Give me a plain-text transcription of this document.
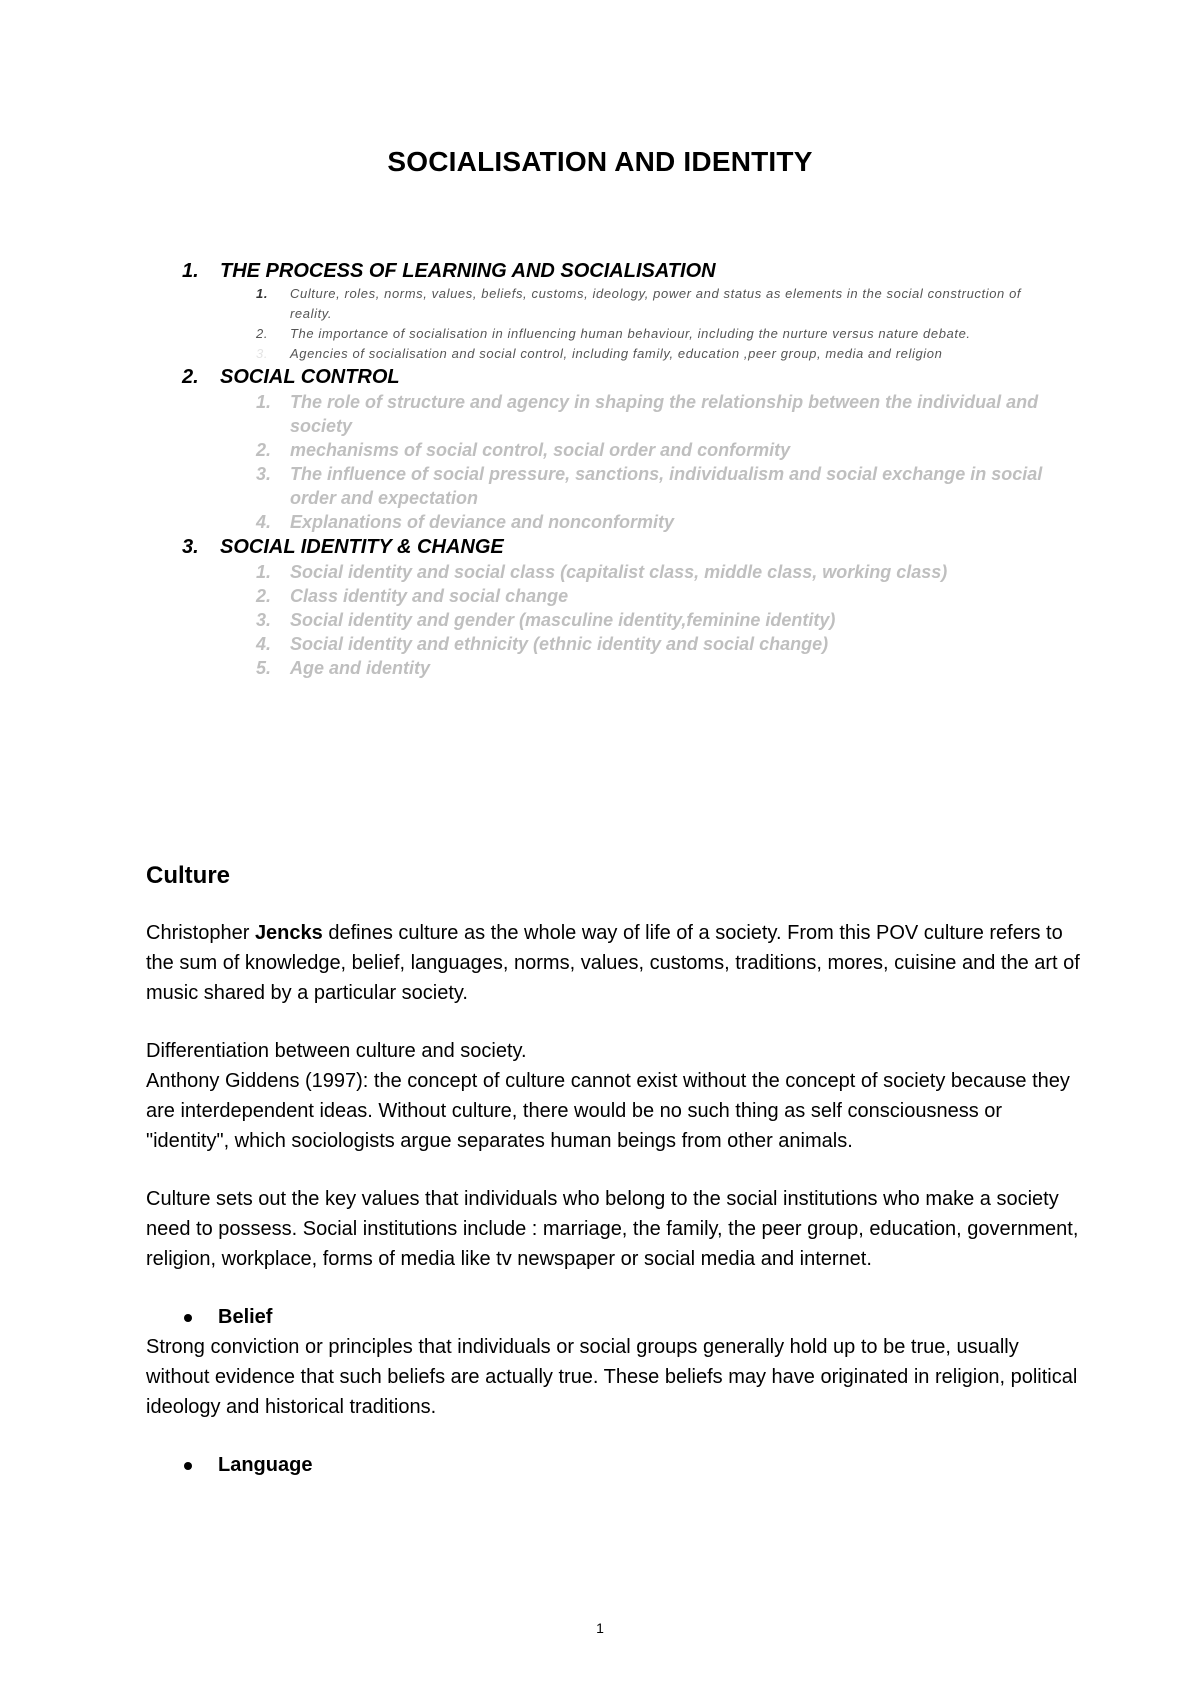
SOCIALISATION AND IDENTITY
1.	THE PROCESS OF LEARNING AND SOCIALISATION
1.	Culture, roles, norms, values, beliefs, customs, ideology, power and status as elements in the social construction of reality.
2.	The importance of socialisation in influencing human behaviour, including the nurture versus nature debate.
3.	Agencies of socialisation and social control, including family, education ,peer group, media and religion
2.	SOCIAL CONTROL
1.	The role of structure and agency in shaping the relationship between the individual and society
2.	mechanisms of social control, social order and conformity
3.	The influence of social pressure, sanctions, individualism and social exchange in social order and expectation
4.	Explanations of deviance and nonconformity
3.	SOCIAL IDENTITY & CHANGE
1.	Social identity and social class (capitalist class, middle class, working class)
2.	Class identity and social change
3.	Social identity and gender (masculine identity,feminine identity)
4.	Social identity and ethnicity (ethnic identity and social change)
5.	Age and identity
Culture

Christopher Jencks defines culture as the whole way of life of a society. From this POV culture refers to the sum of knowledge, belief, languages, norms, values, customs, traditions, mores, cuisine and the art of music shared by a particular society.

Differentiation between culture and society.
Anthony Giddens (1997): the concept of culture cannot exist without the concept of society because they are interdependent ideas. Without culture, there would be no such thing as self consciousness or "identity", which sociologists argue separates human beings from other animals.

Culture sets out the key values that individuals who belong to the social institutions who make a society need to possess. Social institutions include : marriage, the family, the peer group, education, government, religion, workplace, forms of media like tv newspaper or social media and internet.

Belief

Strong conviction or principles that individuals or social groups generally hold up to be true, usually without evidence that such beliefs are actually true. These beliefs may have originated in religion, political ideology and historical traditions.

Language
1
